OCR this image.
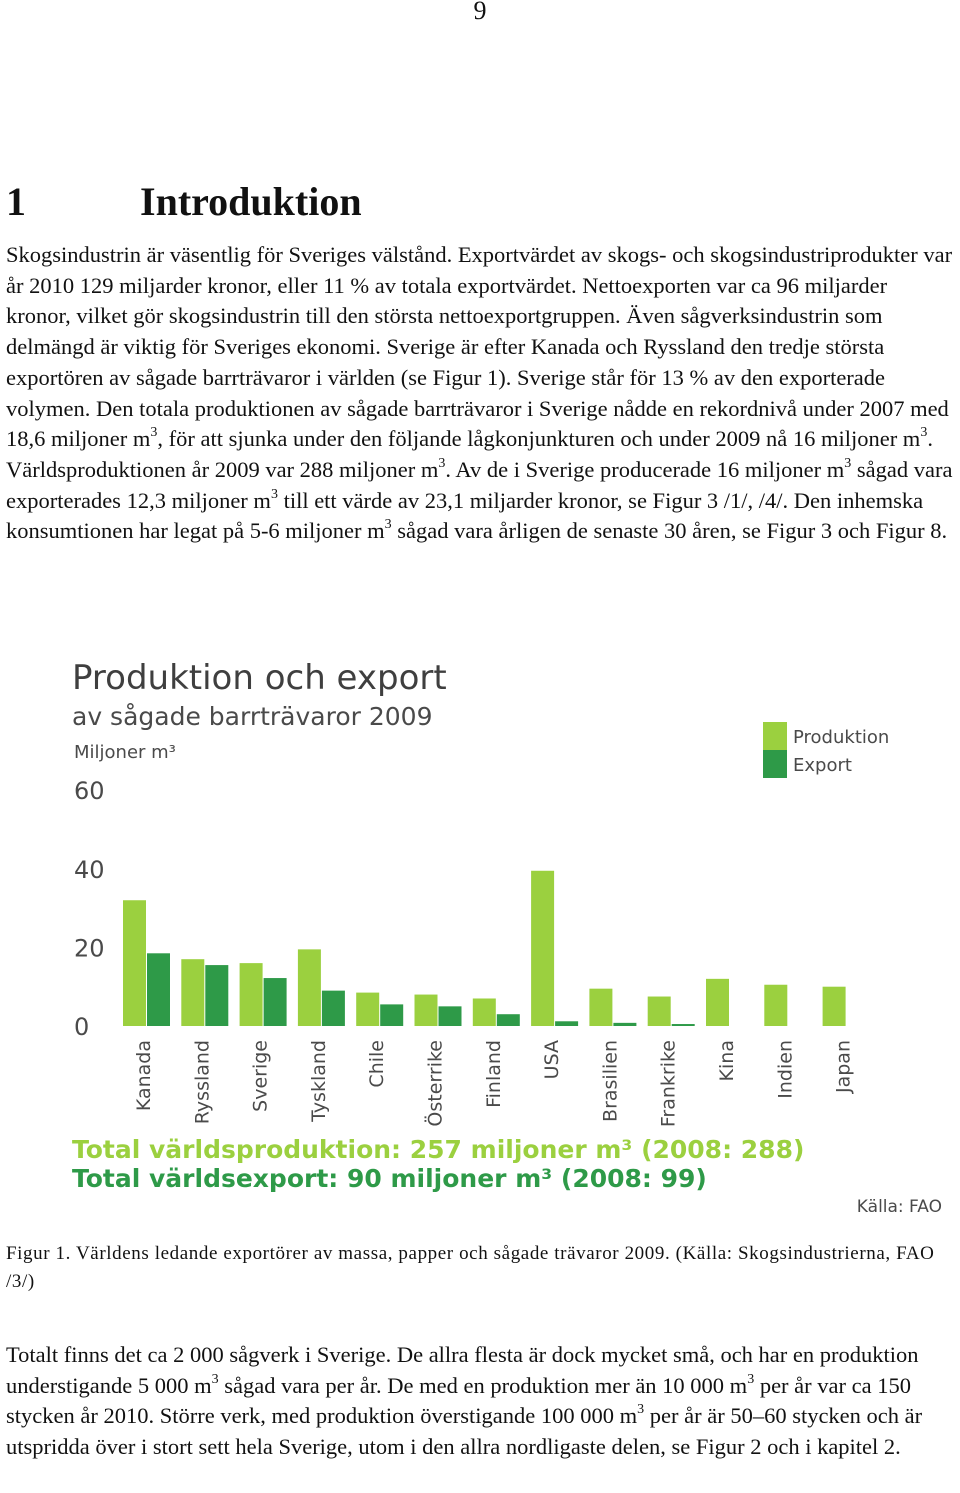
9
1	Introduktion

Skogsindustrin är väsentlig för Sveriges välstånd. Exportvärdet av skogs- och skogsindustriprodukter var år 2010 129 miljarder kronor, eller 11 % av totala exportvärdet. Nettoexporten var ca 96 miljarder kronor, vilket gör skogsindustrin till den största nettoexportgruppen. Även sågverksindustrin som delmängd är viktig för Sveriges ekonomi. Sverige är efter Kanada och Ryssland den tredje största exportören av sågade barrträvaror i världen (se Figur 1). Sverige står för 13 % av den exporterade volymen. Den totala produktionen av sågade barrträvaror i Sverige nådde en rekordnivå under 2007 med 18,6 miljoner $m^3$, för att sjunka under den följande lågkonjunkturen och under 2009 nå 16 miljoner $m^3$. Världsproduktionen år 2009 var 288 miljoner $m^3$. Av de i Sverige producerade 16 miljoner $m^3$ sågad vara exporterades 12,3 miljoner $m^3$ till ett värde av 23,1 miljarder kronor, se Figur 3 /1/, /4/. Den inhemska konsumtionen har legat på 5-6 miljoner $m^3$ sågad vara årligen de senaste 30 åren, se Figur 3 och Figur 8.

Produktion och export
av sågade barrträvaror 2009
Miljoner m³
0
20
40
60
Kanada Ryssland Sverige Tyskland Chile Österrike Finland USA Brasilien Frankrike Kina Indien Japan
Produktion
Export
Total världsproduktion: 257 miljoner m³ (2008: 288)
Total världsexport: 90 miljoner m³ (2008: 99)
Källa: FAO

Figur 1. Världens ledande exportörer av massa, papper och sågade trävaror 2009. (Källa: Skogsindustrierna, FAO /3/)

Totalt finns det ca 2 000 sågverk i Sverige. De allra flesta är dock mycket små, och har en produktion understigande 5 000 $m^3$ sågad vara per år. De med en produktion mer än 10 000 $m^3$ per år var ca 150 stycken år 2010. Större verk, med produktion överstigande 100 000 $m^3$ per år är 50–60 stycken och är utspridda över i stort sett hela Sverige, utom i den allra nordligaste delen, se Figur 2 och i kapitel 2.
